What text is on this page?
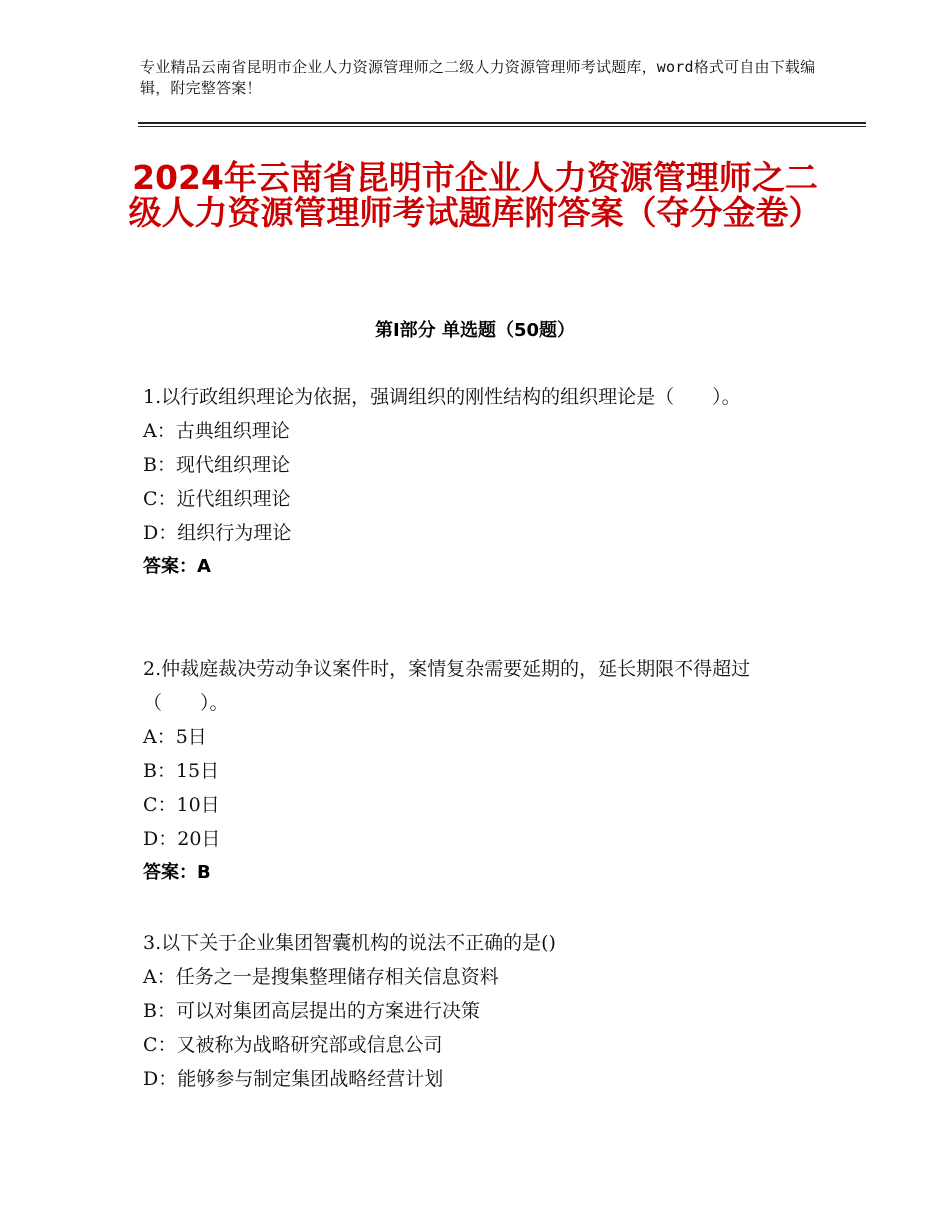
专业精品云南省昆明市企业人力资源管理师之二级人力资源管理师考试题库，word格式可自由下载编辑，附完整答案！
2024年云南省昆明市企业人力资源管理师之二级人力资源管理师考试题库附答案（夺分金卷）
第Ⅰ部分 单选题（50题）

1.以行政组织理论为依据，强调组织的刚性结构的组织理论是（　　）。

A：古典组织理论

B：现代组织理论

C：近代组织理论

D：组织行为理论

答案：A

2.仲裁庭裁决劳动争议案件时，案情复杂需要延期的，延长期限不得超过（　　）。

A：5日

B：15日

C：10日

D：20日

答案：B

3.以下关于企业集团智囊机构的说法不正确的是()

A：任务之一是搜集整理储存相关信息资料

B：可以对集团高层提出的方案进行决策

C：又被称为战略研究部或信息公司

D：能够参与制定集团战略经营计划
